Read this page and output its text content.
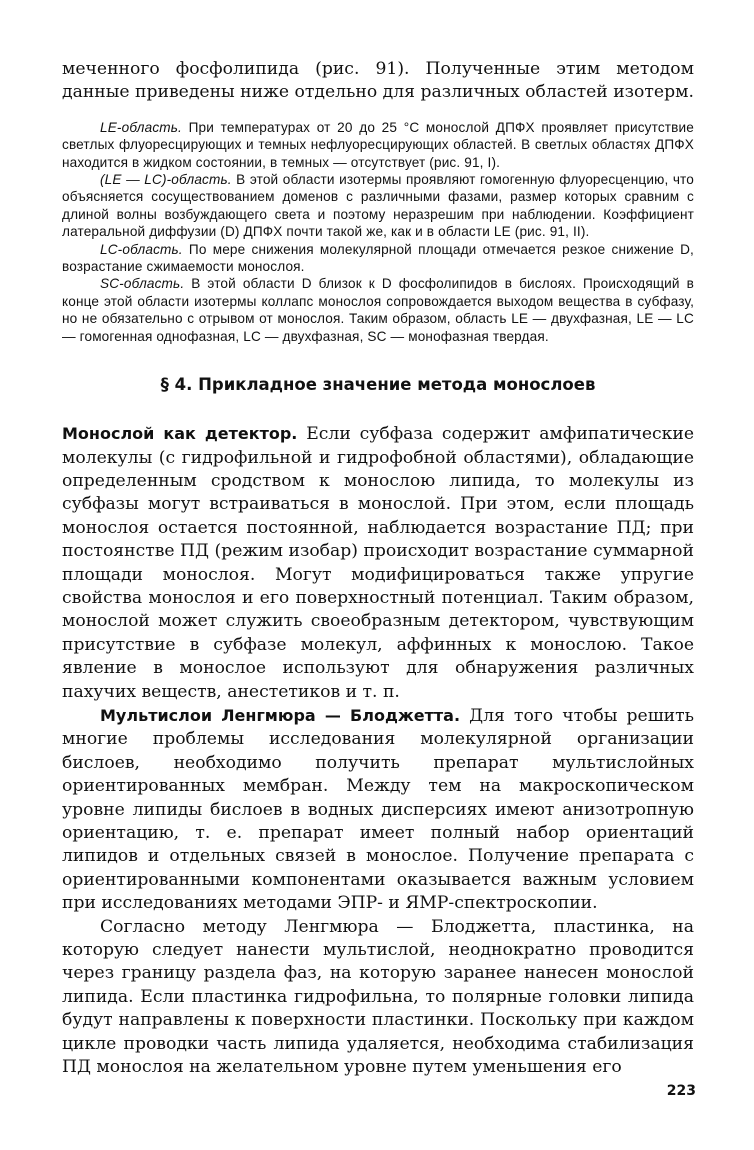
меченного фосфолипида (рис. 91). Полученные этим методом данные приведены ниже отдельно для различных областей изотерм.

LE-область. При температурах от 20 до 25 °С монослой ДПФХ проявляет присутствие светлых флуоресцирующих и темных нефлуоресцирующих областей. В светлых областях ДПФХ находится в жидком состоянии, в темных — отсутствует (рис. 91, I).

(LE — LC)-область. В этой области изотермы проявляют гомогенную флуоресценцию, что объясняется сосуществованием доменов с различными фазами, размер которых сравним с длиной волны возбуждающего света и поэтому неразрешим при наблюдении. Коэффициент латеральной диффузии (D) ДПФХ почти такой же, как и в области LE (рис. 91, II).

LC-область. По мере снижения молекулярной площади отмечается резкое снижение D, возрастание сжимаемости монослоя.

SC-область. В этой области D близок к D фосфолипидов в бислоях. Происходящий в конце этой области изотермы коллапс монослоя сопровождается выходом вещества в субфазу, но не обязательно с отрывом от монослоя. Таким образом, область LE — двухфазная, LE — LC — гомогенная однофазная, LC — двухфазная, SC — монофазная твердая.

§ 4. Прикладное значение метода монослоев

Монослой как детектор. Если субфаза содержит амфипатические молекулы (с гидрофильной и гидрофобной областями), обладающие определенным сродством к монослою липида, то молекулы из субфазы могут встраиваться в монослой. При этом, если площадь монослоя остается постоянной, наблюдается возрастание ПД; при постоянстве ПД (режим изобар) происходит возрастание суммарной площади монослоя. Могут модифицироваться также упругие свойства монослоя и его поверхностный потенциал. Таким образом, монослой может служить своеобразным детектором, чувствующим присутствие в субфазе молекул, аффинных к монослою. Такое явление в монослое используют для обнаружения различных пахучих веществ, анестетиков и т. п.

Мультислои Ленгмюра — Блоджетта. Для того чтобы решить многие проблемы исследования молекулярной организации бислоев, необходимо получить препарат мультислойных ориентированных мембран. Между тем на макроскопическом уровне липиды бислоев в водных дисперсиях имеют анизотропную ориентацию, т. е. препарат имеет полный набор ориентаций липидов и отдельных связей в монослое. Получение препарата с ориентированными компонентами оказывается важным условием при исследованиях методами ЭПР- и ЯМР-спектроскопии.

Согласно методу Ленгмюра — Блоджетта, пластинка, на которую следует нанести мультислой, неоднократно проводится через границу раздела фаз, на которую заранее нанесен монослой липида. Если пластинка гидрофильна, то полярные головки липида будут направлены к поверхности пластинки. Поскольку при каждом цикле проводки часть липида удаляется, необходима стабилизация ПД монослоя на желательном уровне путем уменьшения его

223
